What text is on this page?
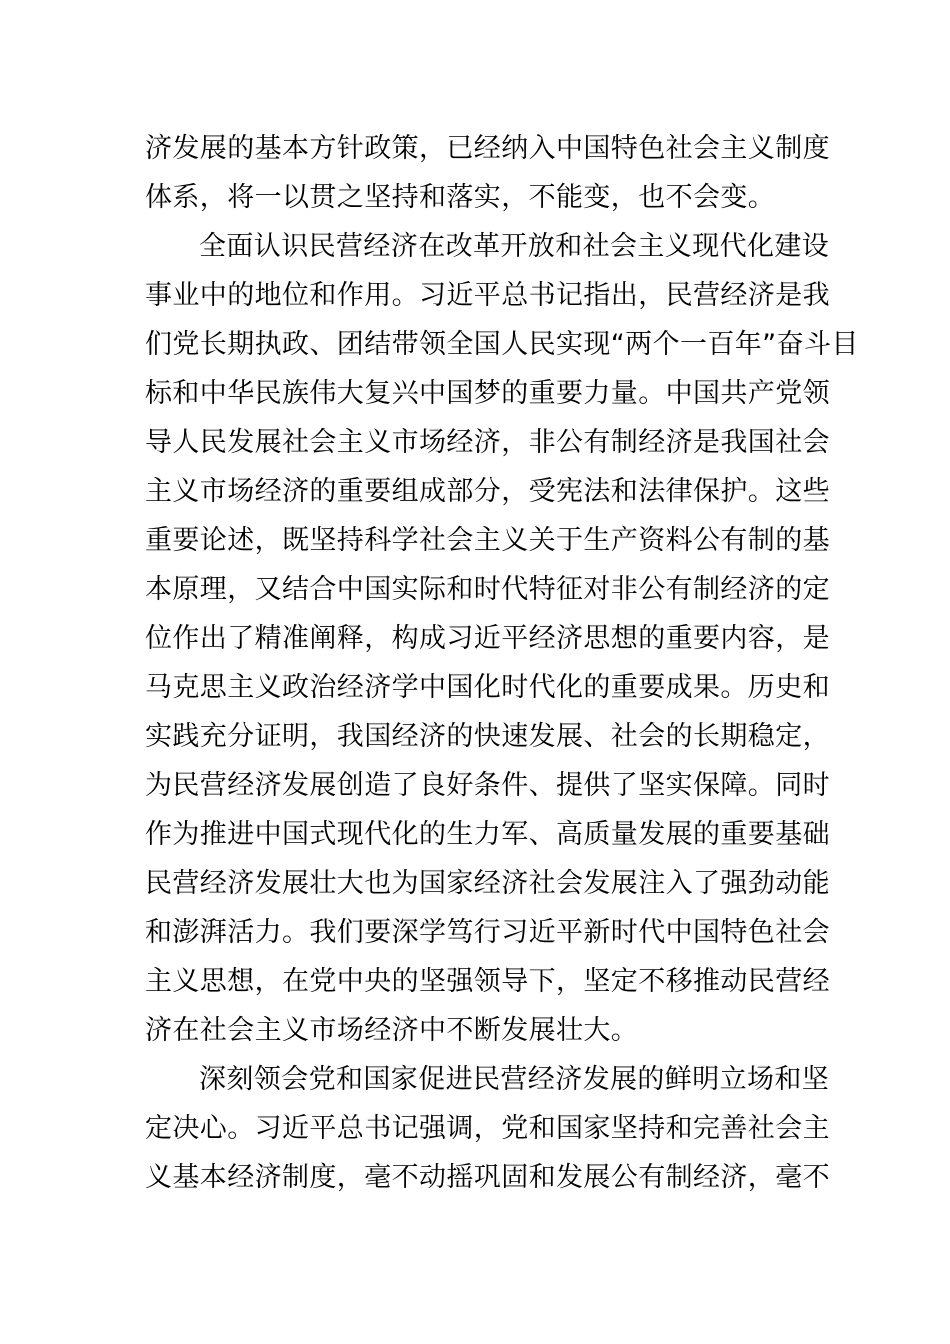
济发展的基本方针政策，已经纳入中国特色社会主义制度
体系，将一以贯之坚持和落实，不能变，也不会变。
全面认识民营经济在改革开放和社会主义现代化建设
事业中的地位和作用。习近平总书记指出，民营经济是我
们党长期执政、团结带领全国人民实现“两个一百年”奋斗目
标和中华民族伟大复兴中国梦的重要力量。中国共产党领
导人民发展社会主义市场经济，非公有制经济是我国社会
主义市场经济的重要组成部分，受宪法和法律保护。这些
重要论述，既坚持科学社会主义关于生产资料公有制的基
本原理，又结合中国实际和时代特征对非公有制经济的定
位作出了精准阐释，构成习近平经济思想的重要内容，是
马克思主义政治经济学中国化时代化的重要成果。历史和
实践充分证明，我国经济的快速发展、社会的长期稳定，
为民营经济发展创造了良好条件、提供了坚实保障。同时
作为推进中国式现代化的生力军、高质量发展的重要基础
民营经济发展壮大也为国家经济社会发展注入了强劲动能
和澎湃活力。我们要深学笃行习近平新时代中国特色社会
主义思想，在党中央的坚强领导下，坚定不移推动民营经
济在社会主义市场经济中不断发展壮大。
深刻领会党和国家促进民营经济发展的鲜明立场和坚
定决心。习近平总书记强调，党和国家坚持和完善社会主
义基本经济制度，毫不动摇巩固和发展公有制经济，毫不
